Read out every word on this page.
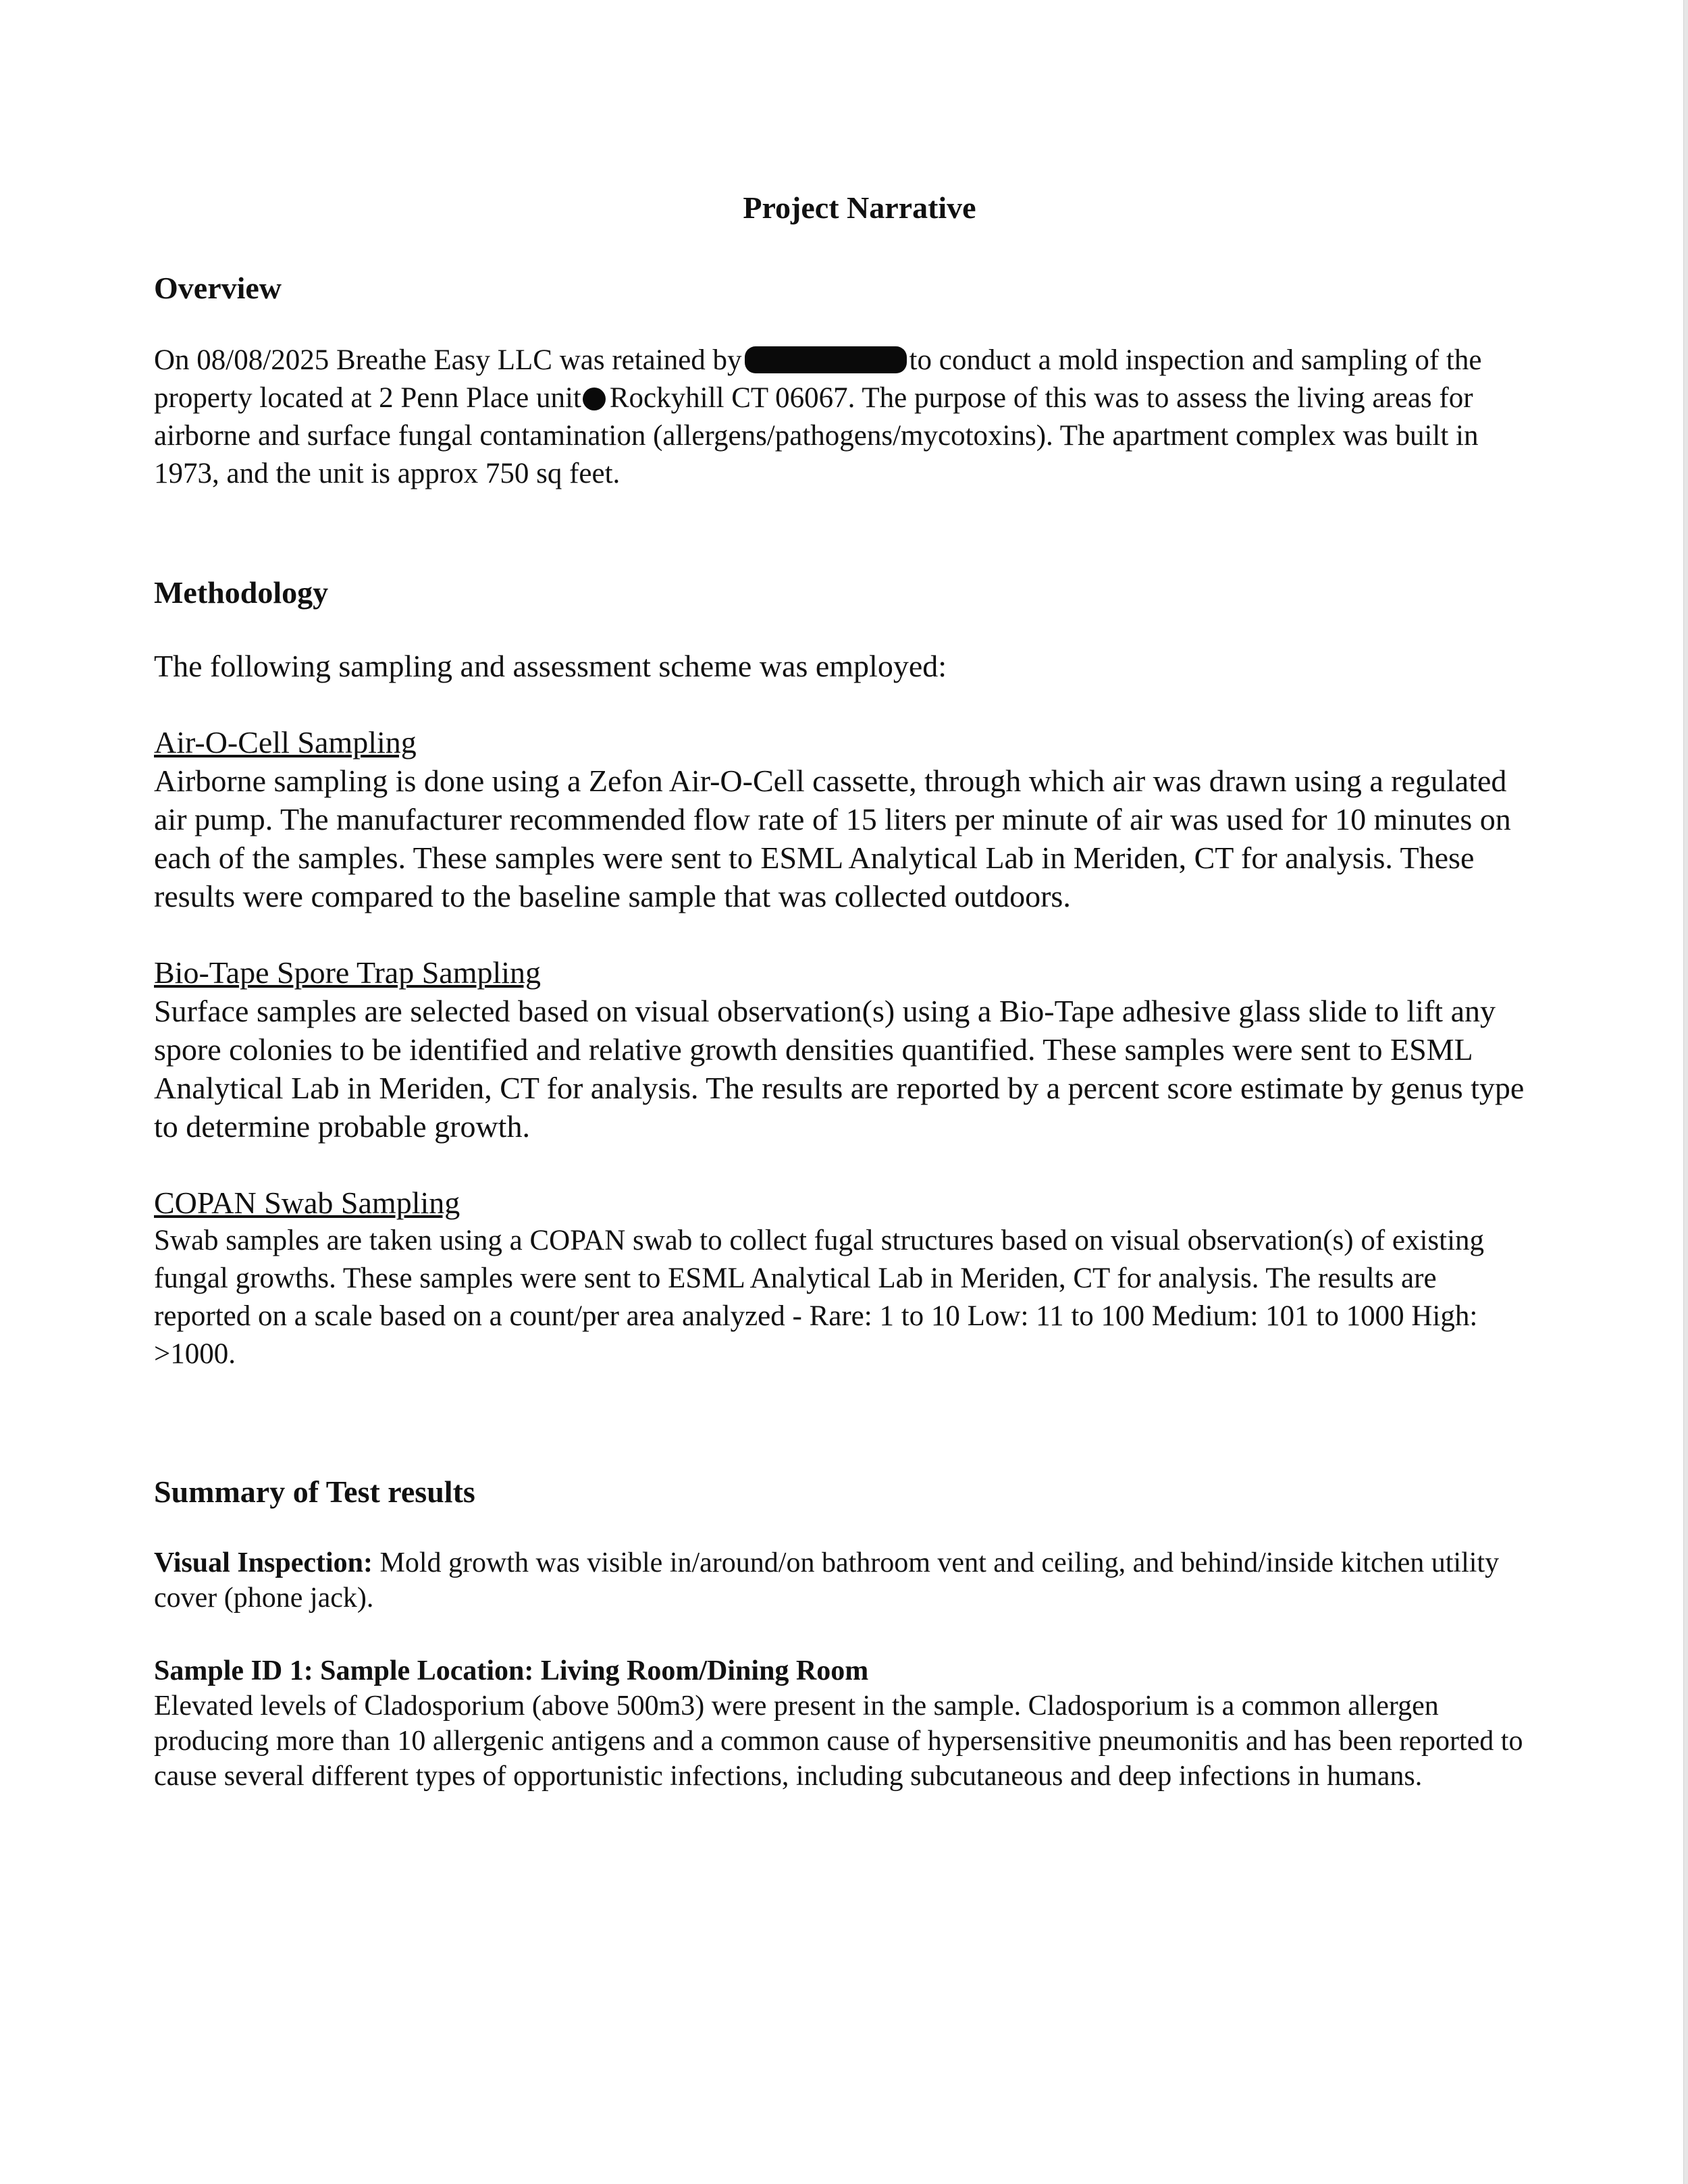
Project Narrative
Overview

On 08/08/2025 Breathe Easy LLC was retained by	to conduct a mold inspection and sampling of the property located at 2 Penn Place unit Rockyhill CT 06067. The purpose of this was to assess the living areas for airborne and surface fungal contamination (allergens/pathogens/mycotoxins). The apartment complex was built in 1973, and the unit is approx 750 sq feet.

Methodology

The following sampling and assessment scheme was employed:

Air-O-Cell Sampling

Airborne sampling is done using a Zefon Air-O-Cell cassette, through which air was drawn using a regulated air pump. The manufacturer recommended flow rate of 15 liters per minute of air was used for 10 minutes on each of the samples. These samples were sent to ESML Analytical Lab in Meriden, CT for analysis. These results were compared to the baseline sample that was collected outdoors.

Bio-Tape Spore Trap Sampling

Surface samples are selected based on visual observation(s) using a Bio-Tape adhesive glass slide to lift any spore colonies to be identified and relative growth densities quantified. These samples were sent to ESML Analytical Lab in Meriden, CT for analysis. The results are reported by a percent score estimate by genus type to determine probable growth.

COPAN Swab Sampling

Swab samples are taken using a COPAN swab to collect fugal structures based on visual observation(s) of existing fungal growths. These samples were sent to ESML Analytical Lab in Meriden, CT for analysis. The results are reported on a scale based on a count/per area analyzed - Rare: 1 to 10 Low: 11 to 100 Medium: 101 to 1000 High: >1000.

Summary of Test results

Visual Inspection: Mold growth was visible in/around/on bathroom vent and ceiling, and behind/inside kitchen utility cover (phone jack).

Sample ID 1: Sample Location: Living Room/Dining Room

Elevated levels of Cladosporium (above 500m3) were present in the sample. Cladosporium is a common allergen producing more than 10 allergenic antigens and a common cause of hypersensitive pneumonitis and has been reported to cause several different types of opportunistic infections, including subcutaneous and deep infections in humans.
